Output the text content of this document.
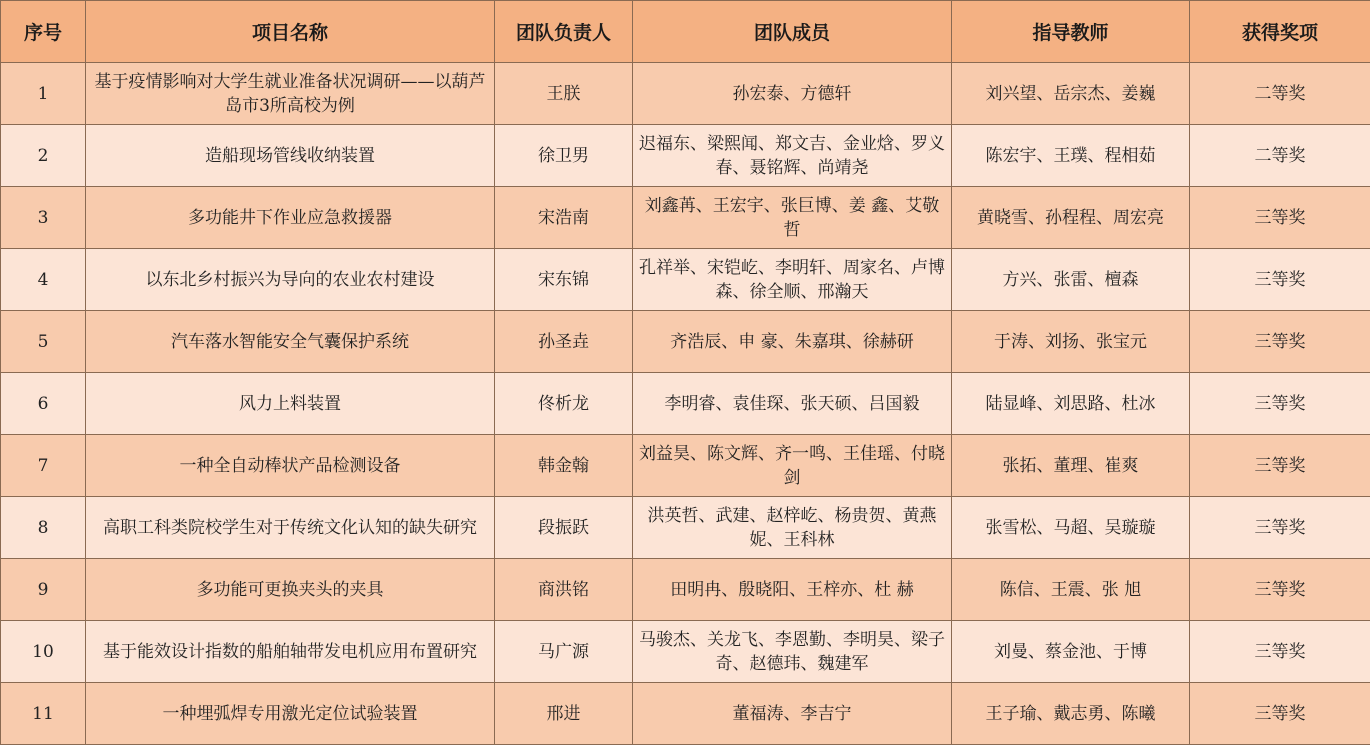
序号	项目名称	团队负责人	团队成员	指导教师	获得奖项
1	基于疫情影响对大学生就业准备状况调研——以葫芦岛市3所高校为例	王朕	孙宏泰、方德轩	刘兴望、岳宗杰、姜巍	二等奖
2	造船现场管线收纳装置	徐卫男	迟福东、梁熙闻、郑文吉、金业焓、罗义春、聂铭辉、尚靖尧	陈宏宇、王璞、程相茹	二等奖
3	多功能井下作业应急救援器	宋浩南	刘鑫苒、王宏宇、张巨博、姜 鑫、艾敬哲	黄晓雪、孙程程、周宏亮	三等奖
4	以东北乡村振兴为导向的农业农村建设	宋东锦	孔祥举、宋铠屹、李明轩、周家名、卢博森、徐全顺、邢瀚天	方兴、张雷、檀森	三等奖
5	汽车落水智能安全气囊保护系统	孙圣垚	齐浩辰、申 豪、朱嘉琪、徐赫研	于涛、刘扬、张宝元	三等奖
6	风力上料装置	佟析龙	李明睿、袁佳琛、张天硕、吕国毅	陆显峰、刘思路、杜冰	三等奖
7	一种全自动棒状产品检测设备	韩金翰	刘益昊、陈文辉、齐一鸣、王佳瑶、付晓剑	张拓、董理、崔爽	三等奖
8	高职工科类院校学生对于传统文化认知的缺失研究	段振跃	洪英哲、武建、赵梓屹、杨贵贺、黄燕妮、王科林	张雪松、马超、吴璇璇	三等奖
9	多功能可更换夹头的夹具	商洪铭	田明冉、殷晓阳、王梓亦、杜 赫	陈信、王震、张 旭	三等奖
10	基于能效设计指数的船舶轴带发电机应用布置研究	马广源	马骏杰、关龙飞、李恩勤、李明昊、梁子奇、赵德玮、魏建军	刘曼、蔡金池、于博	三等奖
11	一种埋弧焊专用激光定位试验装置	邢进	董福涛、李吉宁	王子瑜、戴志勇、陈曦	三等奖
